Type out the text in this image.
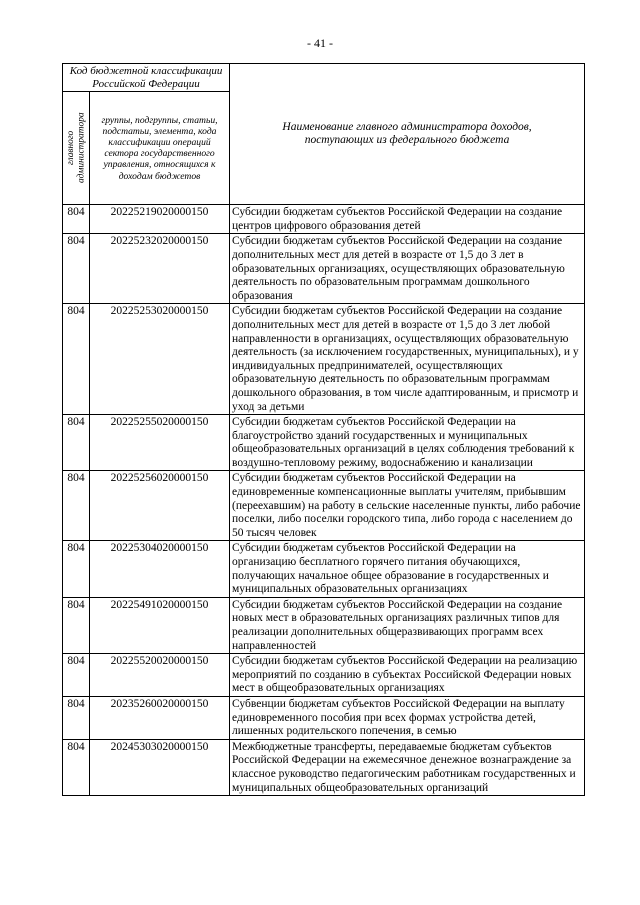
- 41 -
Код бюджетной классификации Российской Федерации		Наименование главного администратора доходов, поступающих из федерального бюджета

главного администратора	группы, подгруппы, статьи, подстатьи, элемента, кода классификации операций сектора государственного управления, относящихся к доходам бюджетов	
804	20225219020000150	Субсидии бюджетам субъектов Российской Федерации на создание центров цифрового образования детей
804	20225232020000150	Субсидии бюджетам субъектов Российской Федерации на создание дополнительных мест для детей в возрасте от 1,5 до 3 лет в образовательных организациях, осуществляющих образовательную деятельность по образовательным программам дошкольного образования
804	20225253020000150	Субсидии бюджетам субъектов Российской Федерации на создание дополнительных мест для детей в возрасте от 1,5 до 3 лет любой направленности в организациях, осуществляющих образовательную деятельность (за исключением государственных, муниципальных), и у индивидуальных предпринимателей, осуществляющих образовательную деятельность по образовательным программам дошкольного образования, в том числе адаптированным, и присмотр и уход за детьми
804	20225255020000150	Субсидии бюджетам субъектов Российской Федерации на благоустройство зданий государственных и муниципальных общеобразовательных организаций в целях соблюдения требований к воздушно-тепловому режиму, водоснабжению и канализации
804	20225256020000150	Субсидии бюджетам субъектов Российской Федерации на единовременные компенсационные выплаты учителям, прибывшим (переехавшим) на работу в сельские населенные пункты, либо рабочие поселки, либо поселки городского типа, либо города с населением до 50 тысяч человек
804	20225304020000150	Субсидии бюджетам субъектов Российской Федерации на организацию бесплатного горячего питания обучающихся, получающих начальное общее образование в государственных и муниципальных образовательных организациях
804	20225491020000150	Субсидии бюджетам субъектов Российской Федерации на создание новых мест в образовательных организациях различных типов для реализации дополнительных общеразвивающих программ всех направленностей
804	20225520020000150	Субсидии бюджетам субъектов Российской Федерации на реализацию мероприятий по созданию в субъектах Российской Федерации новых мест в общеобразовательных организациях
804	20235260020000150	Субвенции бюджетам субъектов Российской Федерации на выплату единовременного пособия при всех формах устройства детей, лишенных родительского попечения, в семью
804	20245303020000150	Межбюджетные трансферты, передаваемые бюджетам субъектов Российской Федерации на ежемесячное денежное вознаграждение за классное руководство педагогическим работникам государственных и муниципальных общеобразовательных организаций
